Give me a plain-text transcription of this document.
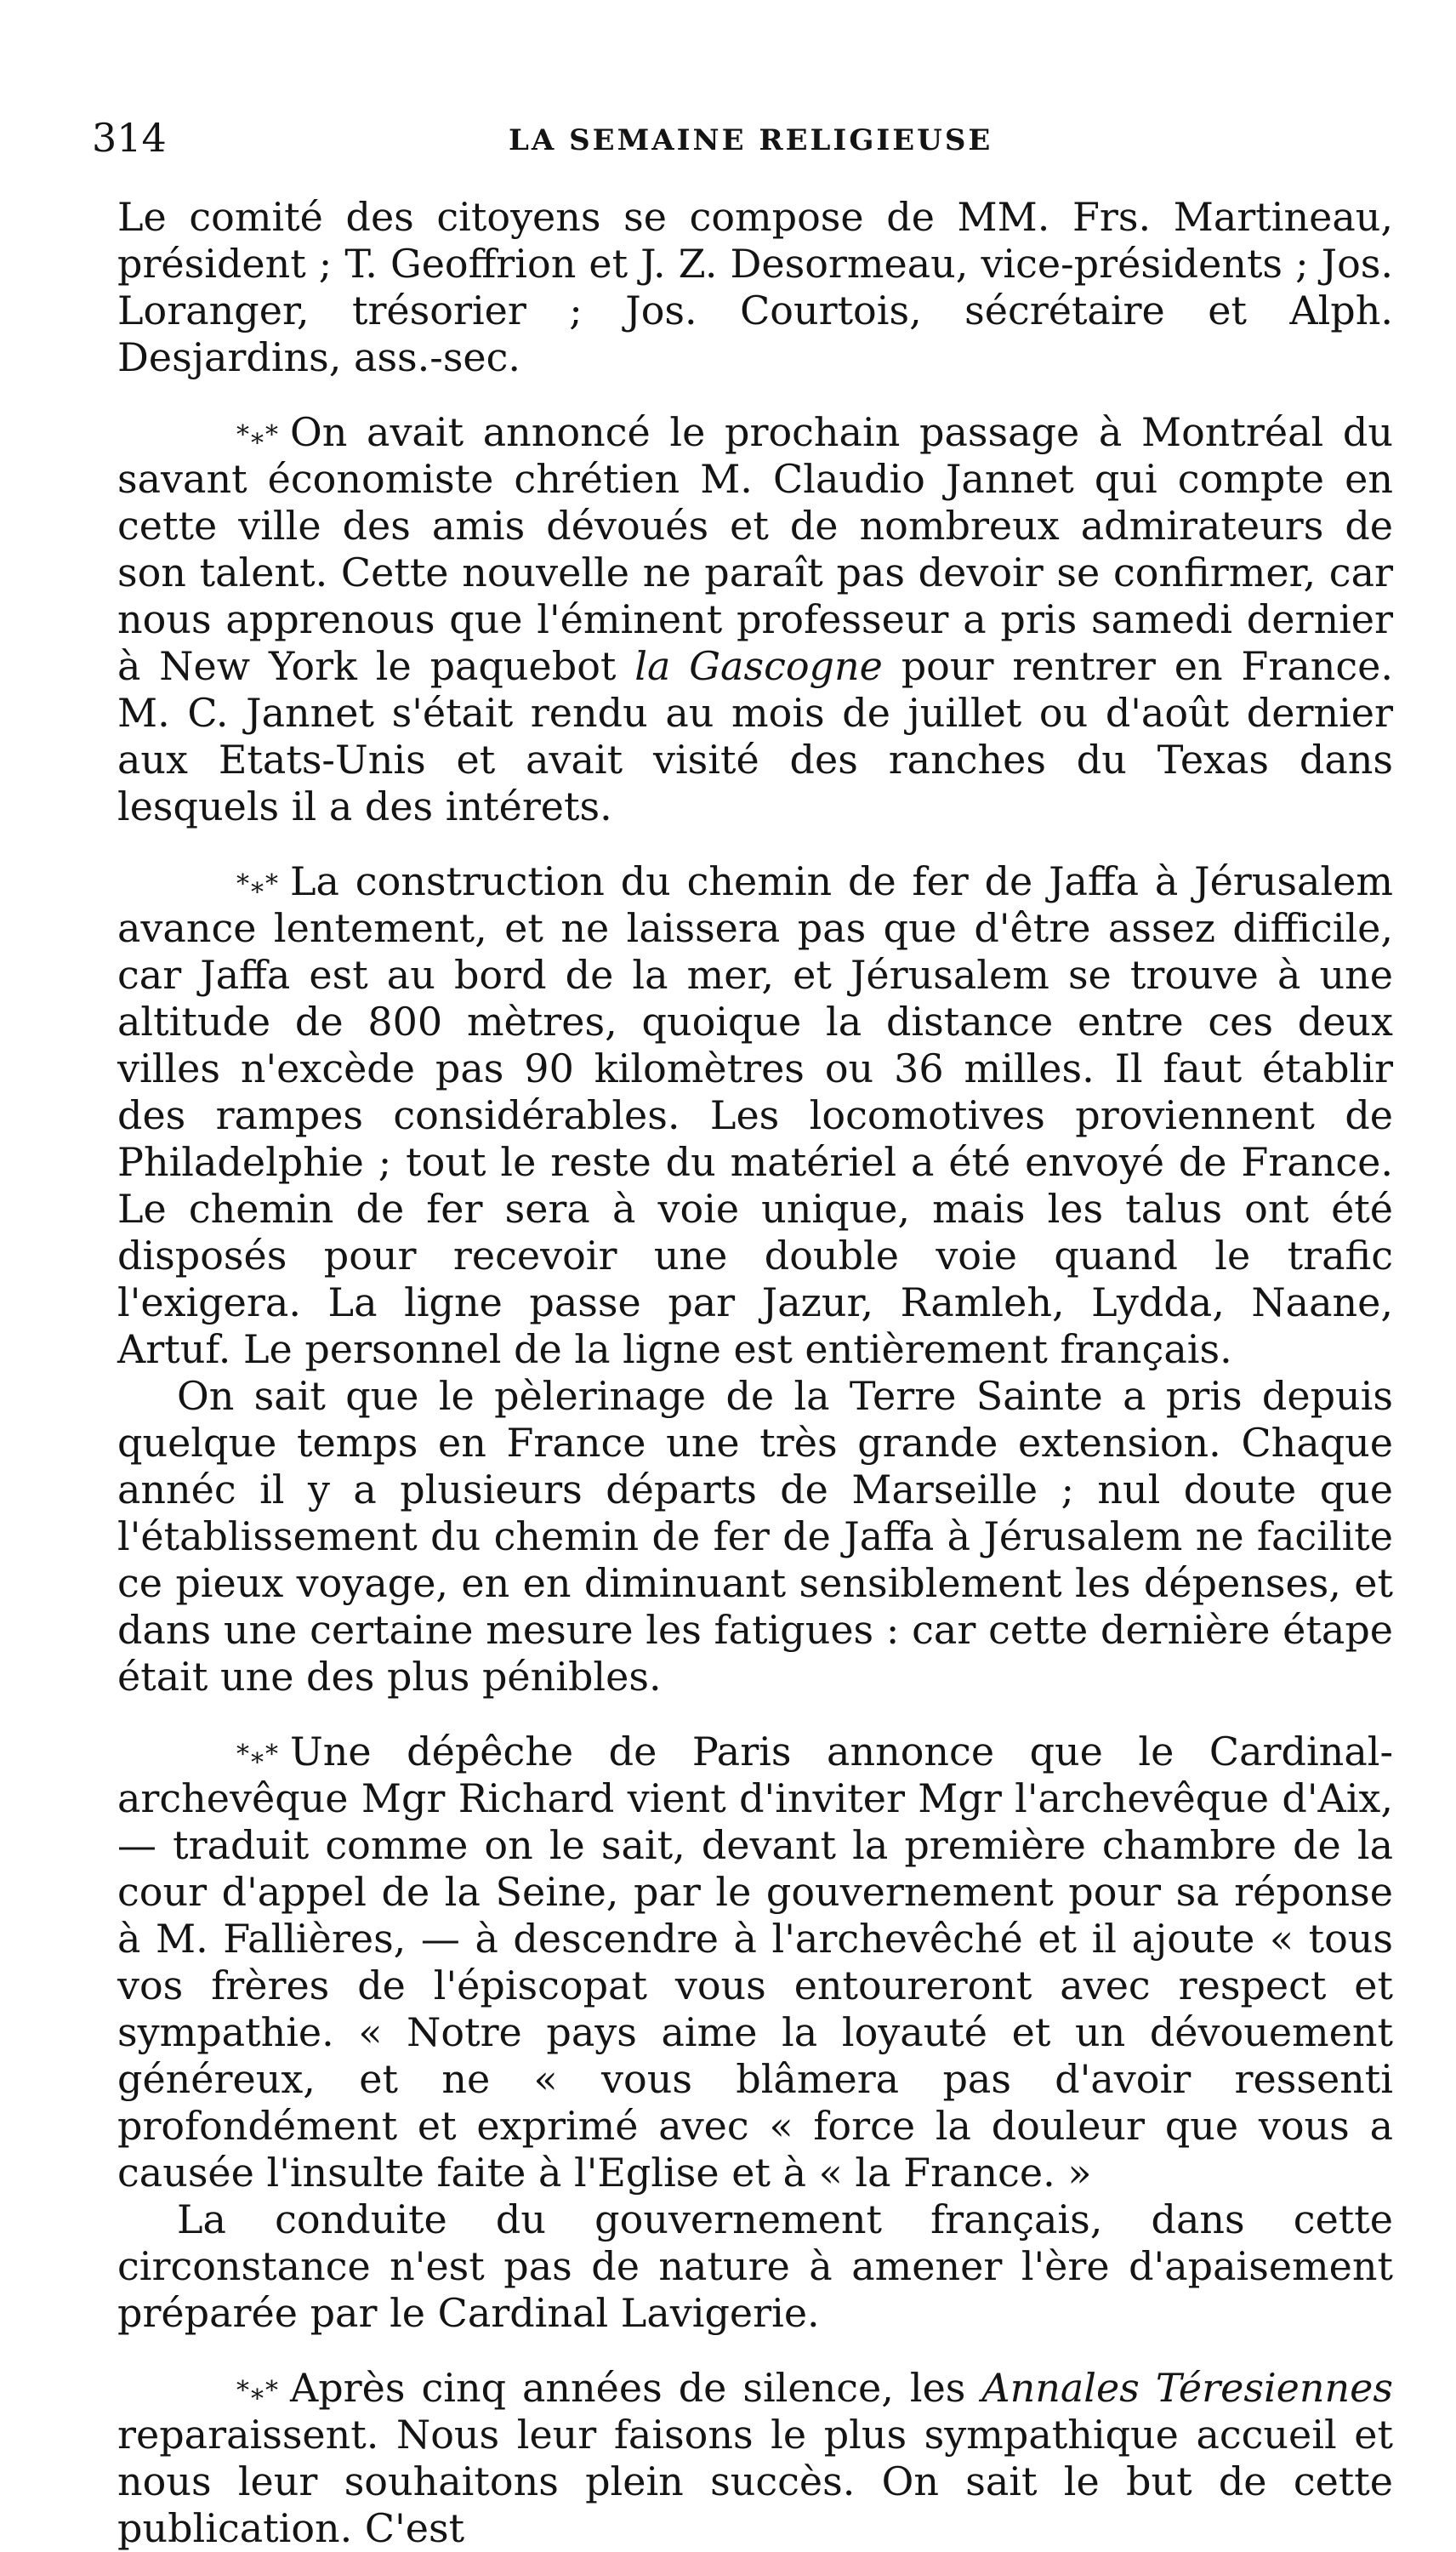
314	LA SEMAINE RELIGIEUSE

Le comité des citoyens se compose de MM. Frs. Martineau, président ; T. Geoffrion et J. Z. Desormeau, vice-présidents ; Jos. Loranger, trésorier ; Jos. Courtois, sécrétaire et Alph. Desjardins, ass.-sec.

*⁎* On avait annoncé le prochain passage à Montréal du savant économiste chrétien M. Claudio Jannet qui compte en cette ville des amis dévoués et de nombreux admirateurs de son talent. Cette nouvelle ne paraît pas devoir se confirmer, car nous apprenous que l'éminent professeur a pris samedi dernier à New York le paquebot la Gascogne pour rentrer en France. M. C. Jannet s'était rendu au mois de juillet ou d'août dernier aux Etats-Unis et avait visité des ranches du Texas dans lesquels il a des intérets.

*⁎* La construction du chemin de fer de Jaffa à Jérusalem avance lentement, et ne laissera pas que d'être assez difficile, car Jaffa est au bord de la mer, et Jérusalem se trouve à une altitude de 800 mètres, quoique la distance entre ces deux villes n'excède pas 90 kilomètres ou 36 milles. Il faut établir des rampes considérables. Les locomotives proviennent de Philadelphie ; tout le reste du matériel a été envoyé de France. Le chemin de fer sera à voie unique, mais les talus ont été disposés pour recevoir une double voie quand le trafic l'exigera. La ligne passe par Jazur, Ramleh, Lydda, Naane, Artuf. Le personnel de la ligne est entièrement français.

On sait que le pèlerinage de la Terre Sainte a pris depuis quelque temps en France une très grande extension. Chaque annéc il y a plusieurs départs de Marseille ; nul doute que l'établissement du chemin de fer de Jaffa à Jérusalem ne facilite ce pieux voyage, en en diminuant sensiblement les dépenses, et dans une certaine mesure les fatigues : car cette dernière étape était une des plus pénibles.

*⁎* Une dépêche de Paris annonce que le Cardinal-archevêque Mgr Richard vient d'inviter Mgr l'archevêque d'Aix,— traduit comme on le sait, devant la première chambre de la cour d'appel de la Seine, par le gouvernement pour sa réponse à M. Fallières, — à descendre à l'archevêché et il ajoute « tous vos frères de l'épiscopat vous entoureront avec respect et sympathie. « Notre pays aime la loyauté et un dévouement généreux, et ne « vous blâmera pas d'avoir ressenti profondément et exprimé avec « force la douleur que vous a causée l'insulte faite à l'Eglise et à « la France. »

La conduite du gouvernement français, dans cette circonstance n'est pas de nature à amener l'ère d'apaisement préparée par le Cardinal Lavigerie.

*⁎* Après cinq années de silence, les Annales Téresiennes reparaissent. Nous leur faisons le plus sympathique accueil et nous leur souhaitons plein succès. On sait le but de cette publication. C'est
